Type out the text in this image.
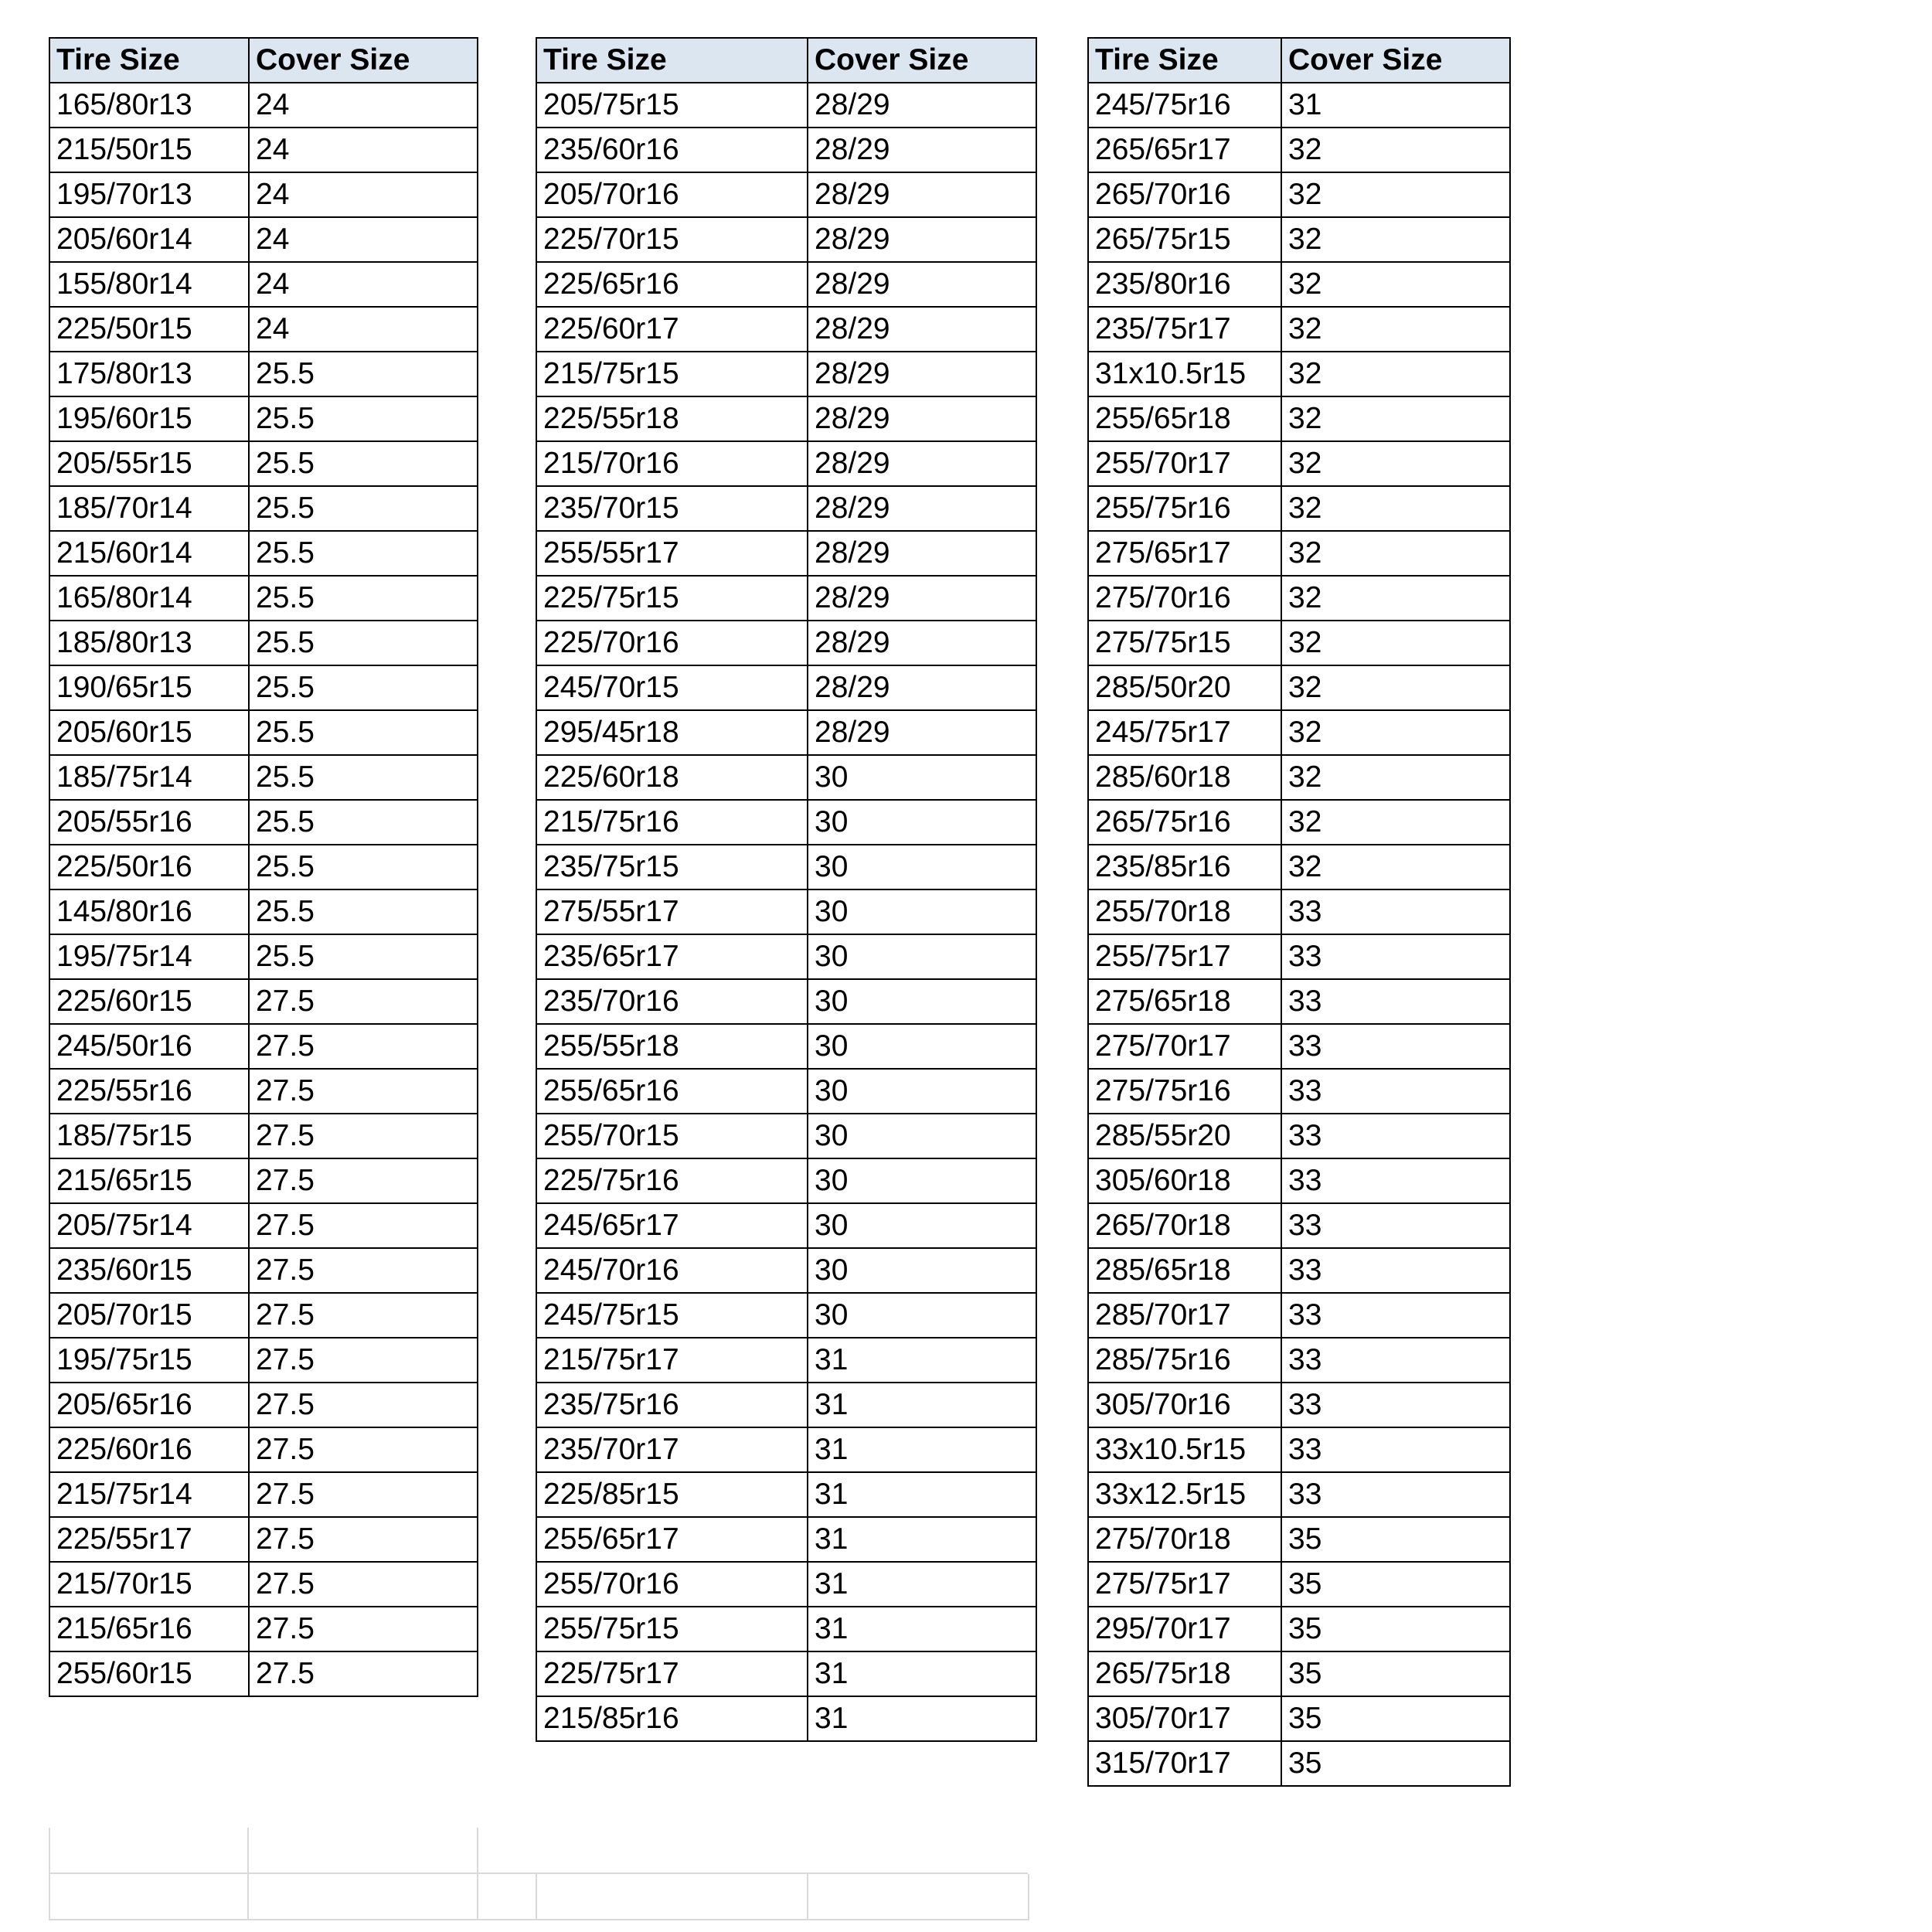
Tire Size	Cover Size
165/80r13	24
215/50r15	24
195/70r13	24
205/60r14	24
155/80r14	24
225/50r15	24
175/80r13	25.5
195/60r15	25.5
205/55r15	25.5
185/70r14	25.5
215/60r14	25.5
165/80r14	25.5
185/80r13	25.5
190/65r15	25.5
205/60r15	25.5
185/75r14	25.5
205/55r16	25.5
225/50r16	25.5
145/80r16	25.5
195/75r14	25.5
225/60r15	27.5
245/50r16	27.5
225/55r16	27.5
185/75r15	27.5
215/65r15	27.5
205/75r14	27.5
235/60r15	27.5
205/70r15	27.5
195/75r15	27.5
205/65r16	27.5
225/60r16	27.5
215/75r14	27.5
225/55r17	27.5
215/70r15	27.5
215/65r16	27.5
255/60r15	27.5
Tire Size	Cover Size
205/75r15	28/29
235/60r16	28/29
205/70r16	28/29
225/70r15	28/29
225/65r16	28/29
225/60r17	28/29
215/75r15	28/29
225/55r18	28/29
215/70r16	28/29
235/70r15	28/29
255/55r17	28/29
225/75r15	28/29
225/70r16	28/29
245/70r15	28/29
295/45r18	28/29
225/60r18	30
215/75r16	30
235/75r15	30
275/55r17	30
235/65r17	30
235/70r16	30
255/55r18	30
255/65r16	30
255/70r15	30
225/75r16	30
245/65r17	30
245/70r16	30
245/75r15	30
215/75r17	31
235/75r16	31
235/70r17	31
225/85r15	31
255/65r17	31
255/70r16	31
255/75r15	31
225/75r17	31
215/85r16	31
Tire Size	Cover Size
245/75r16	31
265/65r17	32
265/70r16	32
265/75r15	32
235/80r16	32
235/75r17	32
31x10.5r15	32
255/65r18	32
255/70r17	32
255/75r16	32
275/65r17	32
275/70r16	32
275/75r15	32
285/50r20	32
245/75r17	32
285/60r18	32
265/75r16	32
235/85r16	32
255/70r18	33
255/75r17	33
275/65r18	33
275/70r17	33
275/75r16	33
285/55r20	33
305/60r18	33
265/70r18	33
285/65r18	33
285/70r17	33
285/75r16	33
305/70r16	33
33x10.5r15	33
33x12.5r15	33
275/70r18	35
275/75r17	35
295/70r17	35
265/75r18	35
305/70r17	35
315/70r17	35
